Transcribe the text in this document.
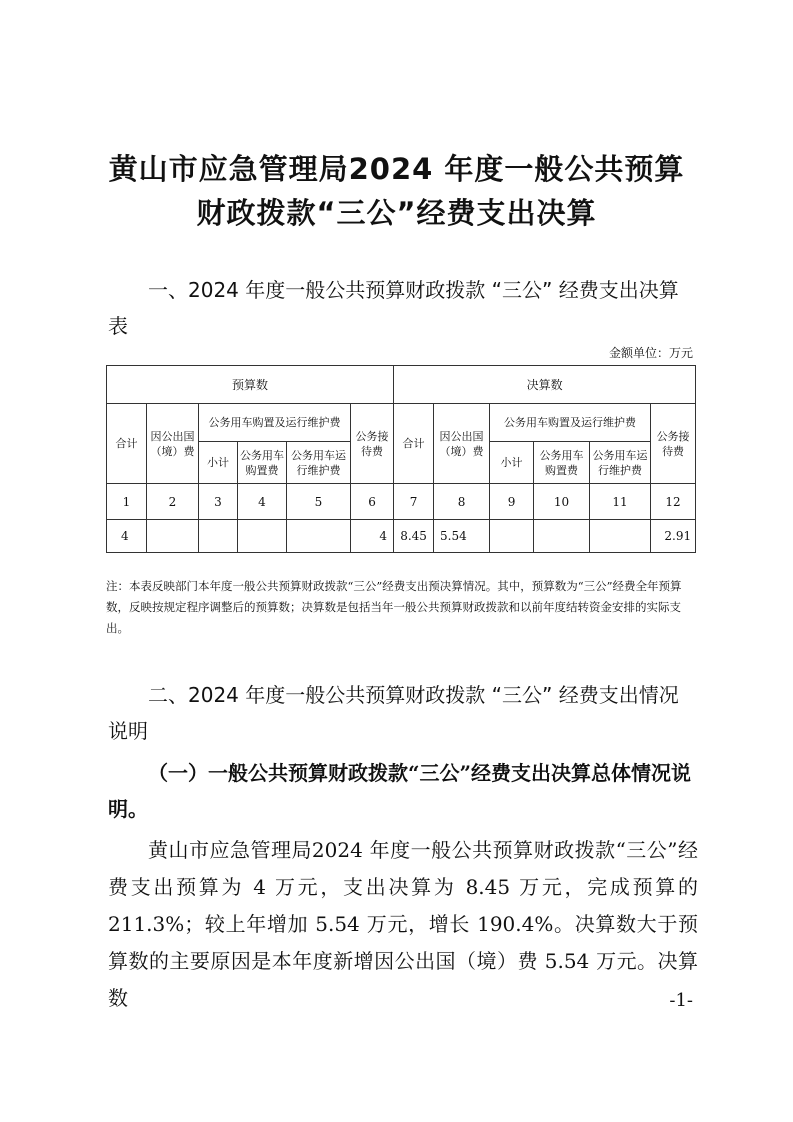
黄山市应急管理局2024 年度一般公共预算
财政拨款“三公”经费支出决算
一、2024 年度一般公共预算财政拨款 “三公” 经费支出决算表
金额单位：万元
预算数						决算数					
合计	因公出国（境）费	公务用车购置及运行维护费			公务接待费	合计	因公出国（境）费	公务用车购置及运行维护费			公务接待费
		小计	公务用车购置费	公务用车运行维护费				小计	公务用车购置费	公务用车运行维护费	
1	2	3	4	5	6	7	8	9	10	11	12
4					4	8.45	5.54				2.91
注：本表反映部门本年度一般公共预算财政拨款“三公”经费支出预决算情况。其中，预算数为“三公”经费全年预算数，反映按规定程序调整后的预算数；决算数是包括当年一般公共预算财政拨款和以前年度结转资金安排的实际支出。
二、2024 年度一般公共预算财政拨款 “三公” 经费支出情况说明
（一）一般公共预算财政拨款“三公”经费支出决算总体情况说明。
黄山市应急管理局2024 年度一般公共预算财政拨款“三公”经费支出预算为 4 万元，支出决算为 8.45 万元，完成预算的 211.3%；较上年增加 5.54 万元，增长 190.4%。决算数大于预算数的主要原因是本年度新增因公出国（境）费 5.54 万元。决算数	-1-
